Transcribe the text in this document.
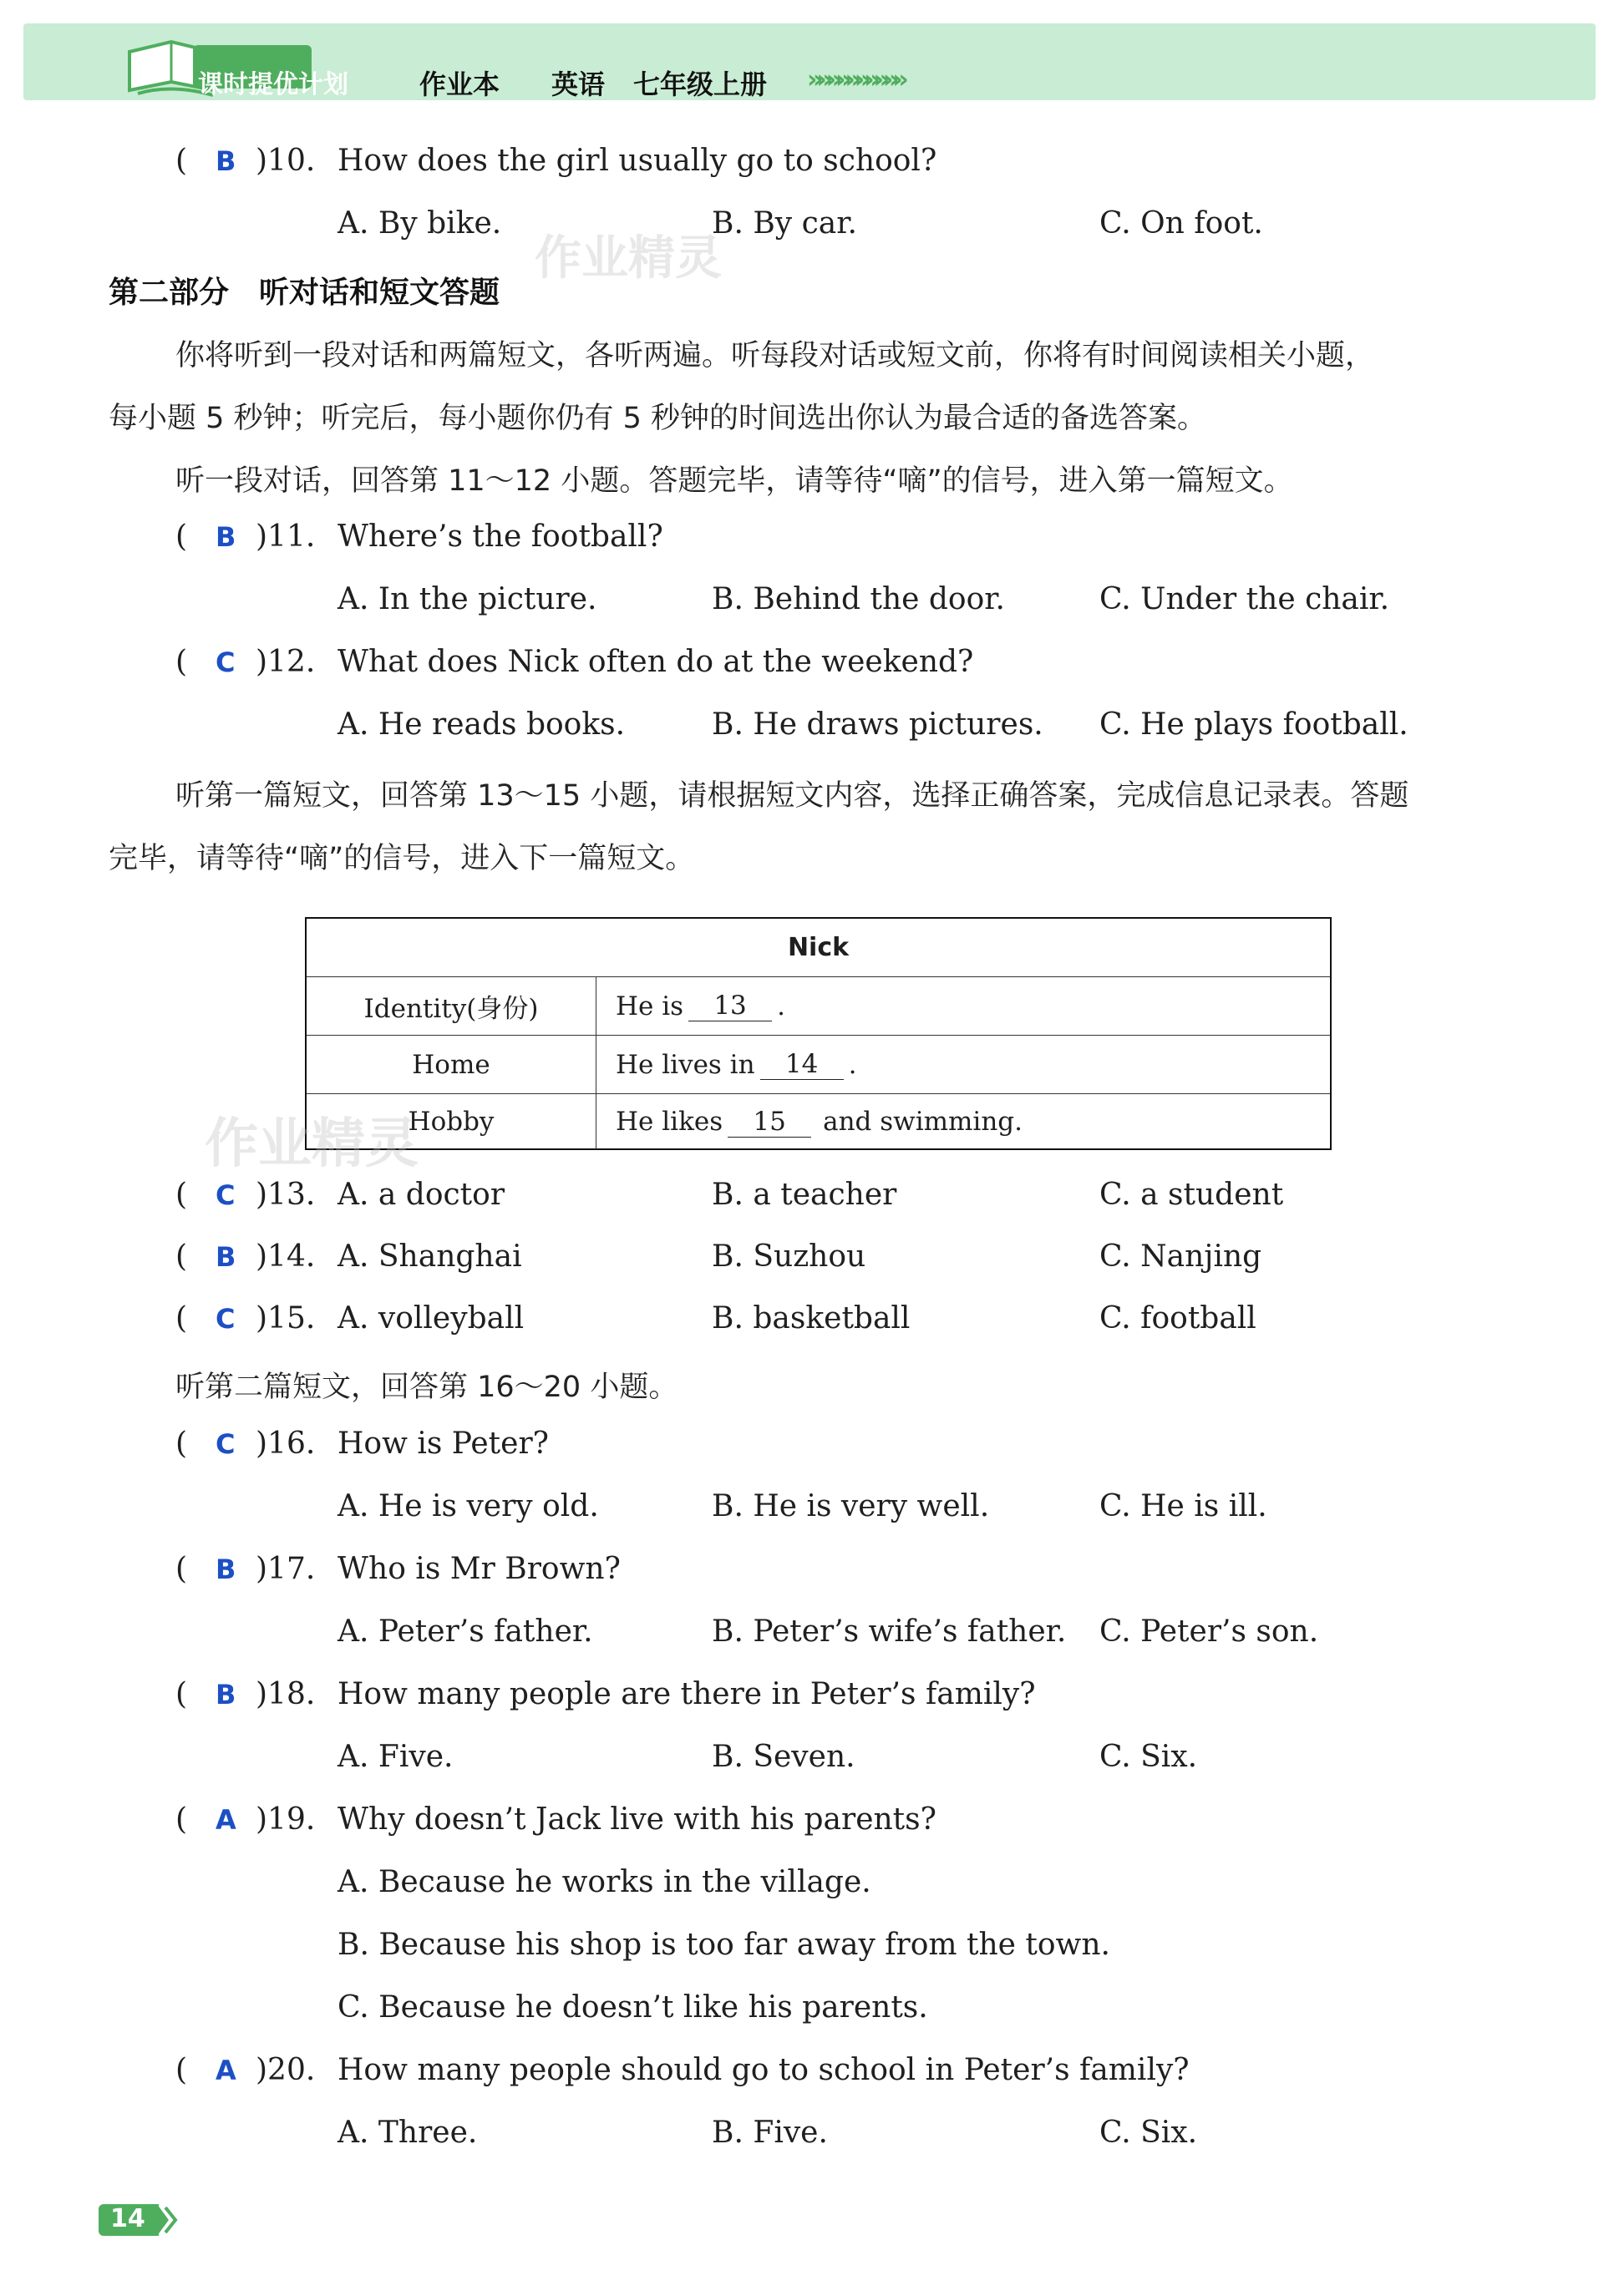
课时提优计划	作业本 英语 七年级上册 »»»»»»»»»»
( B )10. How does the girl usually go to school?
A. By bike.	B. By car.	C. On foot.
第二部分　听对话和短文答题
你将听到一段对话和两篇短文，各听两遍。听每段对话或短文前，你将有时间阅读相关小题，
每小题 5 秒钟；听完后，每小题你仍有 5 秒钟的时间选出你认为最合适的备选答案。
听一段对话，回答第 11～12 小题。答题完毕，请等待“嘀”的信号，进入第一篇短文。
( B )11. Where’s the football?
A. In the picture.	B. Behind the door.	C. Under the chair.
( C )12. What does Nick often do at the weekend?
A. He reads books.	B. He draws pictures. C. He plays football.
听第一篇短文，回答第 13～15 小题，请根据短文内容，选择正确答案，完成信息记录表。答题
完毕，请等待“嘀”的信号，进入下一篇短文。
Nick
Identity(身份)	He is	13	.
Home	He lives in	14	.
Hobby	He likes	15	and swimming.
( C )13. A. a doctor	B. a teacher	C. a student
( B )14. A. Shanghai	B. Suzhou	C. Nanjing
( C )15. A. volleyball	B. basketball	C. football
听第二篇短文，回答第 16～20 小题。
( C )16. How is Peter?
A. He is very old.	B. He is very well.	C. He is ill.
( B )17. Who is Mr Brown?
A. Peter’s father.	B. Peter’s wife’s father. C. Peter’s son.
( B )18. How many people are there in Peter’s family?
A. Five.	B. Seven.	C. Six.
( A )19. Why doesn’t Jack live with his parents?
A. Because he works in the village.
B. Because his shop is too far away from the town.
C. Because he doesn’t like his parents.
( A )20. How many people should go to school in Peter’s family?
A. Three.	B. Five.	C. Six.
作业精灵
作业精灵
14
